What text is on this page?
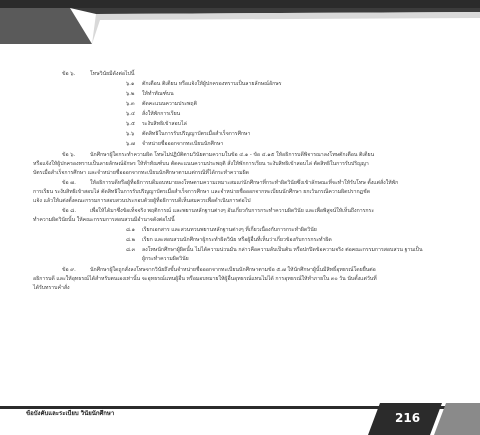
ข้อ ๖.	โทษวินัยมีดังต่อไปนี้
๖.๑ ตักเตือน ติเตียน หรือแจ้งให้ผู้ปกครองทราบเป็นลายลักษณ์อักษร
๖.๒ ให้ทำทัณฑ์บน
๖.๓ ตัดคะแนนความประพฤติ
๖.๔ สั่งให้พักการเรียน
๖.๕ ระงับสิทธิเข้าสอบไล่
๖.๖ ตัดสิทธิในการรับปริญญาบัตรเมื่อสำเร็จการศึกษา
๖.๗ จำหน่ายชื่อออกจากทะเบียนนักศึกษา
ข้อ ๖.	นักศึกษาผู้ใดกระทำความผิด โทษไม่ปฏิบัติตามวินัยตามความในข้อ ๔.๑ - ข้อ ๔.๑๕ ให้อธิการบดีพิจารณาลงโทษตักเตือน ติเตียน
หรือแจ้งให้ผู้ปกครองทราบเป็นลายลักษณ์อักษร ให้ทำทัณฑ์บน ตัดคะแนนความประพฤติ สั่งให้พักการเรียน ระงับสิทธิเข้าสอบไล่ ตัดสิทธิในการรับปริญญา
บัตรเมื่อสำเร็จการศึกษา และจำหน่ายชื่อออกจากทะเบียนนักศึกษาตามแต่กรณีที่ได้กระทำความผิด
ข้อ ๗.	ให้อธิการบดีหรือผู้ที่อธิการบดีมอบหมายลงโทษตามความเหมาะสมแก่นักศึกษาที่กระทำผิดวินัยซึ่งเข้าลักษณะที่จะทำให้รับโทษ ตั้งแต่สั่งให้พัก
การเรียน ระงับสิทธิเข้าสอบไล่ ตัดสิทธิในการรับปริญญาบัตรเมื่อสำเร็จการศึกษา และจำหน่ายชื่อออกจากทะเบียนนักศึกษา ยกเว้นกรณีความผิดปรากฏชัด
แจ้ง แล้วให้แต่งตั้งคณะกรรมการสอบสวนประกอบด้วยผู้ที่อธิการบดีเห็นสมควรเพื่อดำเนินการต่อไป
ข้อ ๘.	เพื่อให้ได้มาซึ่งข้อเท็จจริง พฤติการณ์ และพยานหลักฐานต่างๆ อันเกี่ยวกับการกระทำความผิดวินัย และเพื่อพิสูจน์ให้เห็นถึงการกระ
ทำความผิดวินัยนั้น ให้คณะกรรมการสอบสวนมีอำนาจดังต่อไปนี้
๘.๑ เรียกเอกสาร และสวนทวนพยานหลักฐานต่างๆ ที่เกี่ยวเนื่องกับการกระทำผิดวินัย
๘.๒ เรียก และสอบสวนนักศึกษาผู้กระทำผิดวินัย หรือผู้อื่นที่เห็นว่าเกี่ยวข้องกับการกระทำผิด
๘.๓ ลงโทษนักศึกษาผู้ผิดนั้น ไม่ได้ความน่วนมัน กล่าวคือความลับเป็นต้น หรือปกปิดข้อความจริง ต่อคณะกรรมการสอบสวน ฐานเป็น
ผู้กระทำความผิดวินัย
ข้อ ๙.	นักศึกษาผู้ใดถูกสั่งลงโทษจากวินัยถึงขั้นจำหน่ายชื่อออกจากทะเบียนนักศึกษาตามข้อ ๕.๗ ให้นักศึกษาผู้นั้นมีสิทธิ์อุทธรณ์โดยยื่นต่อ
อธิการบดี และให้อุทธรณ์ได้สำหรับตนเองเท่านั้น จะอุทธรณ์แทนผู้อื่น หรือมอบหมายให้ผู้อื่นอุทธรณ์แทนไม่ได้ การอุทธรณ์ให้ทำภายใน ๓๐ วัน นับตั้งแต่วันที่
ได้รับทราบคำสั่ง
ข้อบังคับและระเบียบ วินัยนักศึกษา	216
